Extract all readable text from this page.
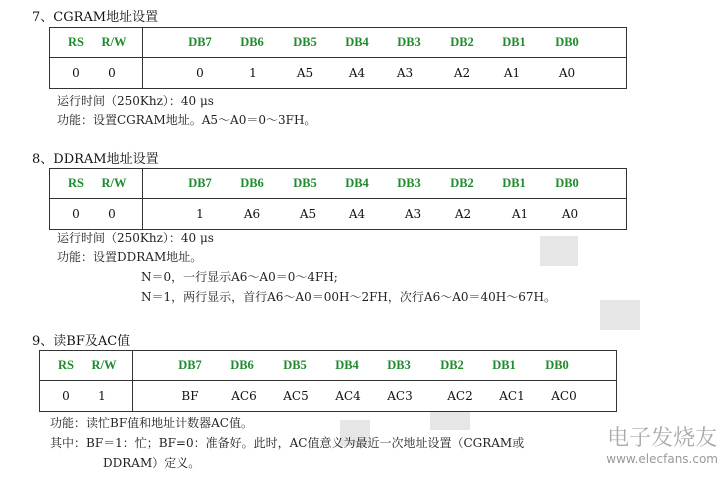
7、CGRAM地址设置
RS	R/W	DB7	DB6	DB5	DB4	DB3	DB2	DB1	DB0
0	0	0	1	A5	A4	A3	A2	A1	A0
运行时间（250Khz）：40 μs
功能：设置CGRAM地址。A5～A0＝0～3FH。
8、DDRAM地址设置
RS	R/W	DB7	DB6	DB5	DB4	DB3	DB2	DB1	DB0
0	0	1	A6	A5	A4	A3	A2	A1	A0
运行时间（250Khz）：40 μs
功能：设置DDRAM地址。
N＝0，一行显示A6～A0＝0～4FH;
N＝1，两行显示，首行A6～A0＝00H～2FH，次行A6～A0＝40H～67H。
9、读BF及AC值
RS	R/W	DB7	DB6	DB5	DB4	DB3	DB2	DB1	DB0
0	1	BF	AC6	AC5	AC4	AC3	AC2	AC1	AC0
功能：读忙BF值和地址计数器AC值。
其中：BF＝1：忙；BF=0：准备好。此时，AC值意义为最近一次地址设置（CGRAM或
DDRAM）定义。
电子发烧友
www.elecfans.com
